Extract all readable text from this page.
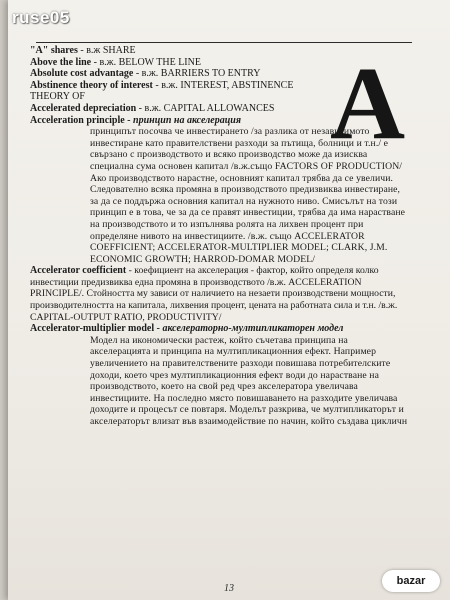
ruse05
A

"A" shares - в.ж SHARE

Above the line - в.ж. BELOW THE LINE

Absolute cost advantage - в.ж. BARRIERS TO ENTRY

Abstinence theory of interest - в.ж. INTEREST, ABSTINENCE THEORY OF

Accelerated depreciation - в.ж. CAPITAL ALLOWANCES

Acceleration principle - принцип на акселерация

принципът посочва че инвестирането /за разлика от независимото инвестиране като правителствени разходи за пътища, болници и т.н./ е свързано с производството и всяко производство може да изисква специална сума основен капитал /в.ж.също FACTORS OF PRODUCTION/ Ако производството нарастне, основният капитал трябва да се увеличи. Следователно всяка промяна в производството предизвиква инвестиране, за да се поддържа основния капитал на нужното ниво. Смисълът на този принцип е в това, че за да се правят инвестиции, трябва да има нарастване на производството и то изпълнява ролята на лихвен процент при определяне нивото на инвестициите. /в.ж. също ACCELERATOR COEFFICIENT; ACCELERATOR-MULTIPLIER MODEL; CLARK, J.M. ECONOMIC GROWTH; HARROD-DOMAR MODEL/

Accelerator coefficient - коефициент на акселерация - фактор, който определя колко инвестиции предизвиква една промяна в производството /в.ж. ACCELERATION PRINCIPLE/. Стойността му зависи от наличието на незаети производствени мощности, производителността на капитала, лихвения процент, цената на работната сила и т.н. /в.ж. CAPITAL-OUTPUT RATIO, PRODUCTIVITY/

Accelerator-multiplier model - акселераторно-мултипликаторен модел

Модел на икономически растеж, който съчетава принципа на акселерацията и принципа на мултипликационния ефект. Например увеличението на правителствените разходи повишава потребителските доходи, което чрез мултипликационния ефект води до нарастване на производството, което на свой ред чрез акселератора увеличава инвестициите. На последно място повишаването на разходите увеличава доходите и процесът се повтаря. Моделът разкрива, че мултипликаторът и акселераторът влизат във взаимодействие по начин, който създава цикличн

13
bazar
